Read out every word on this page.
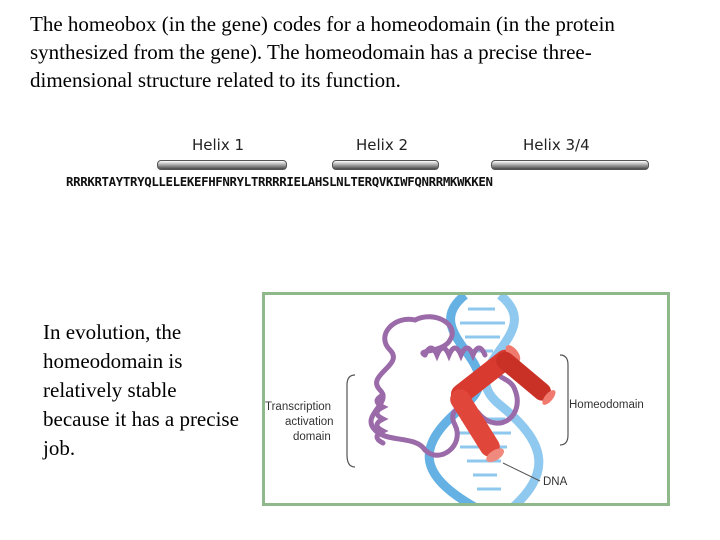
The homeobox (in the gene) codes for a homeodomain (in the protein synthesized from the gene). The homeodomain has a precise three-dimensional structure related to its function.

Helix 1	Helix 2	Helix 3/4

RRRKRTAYTRYQLLELEKEFHFNRYLTRRRRIELAHSLNLTERQVKIWFQNRRMKWKKEN

In evolution, the homeodomain is relatively stable because it has a precise job.

Transcription
activation
domain
Homeodomain
DNA
